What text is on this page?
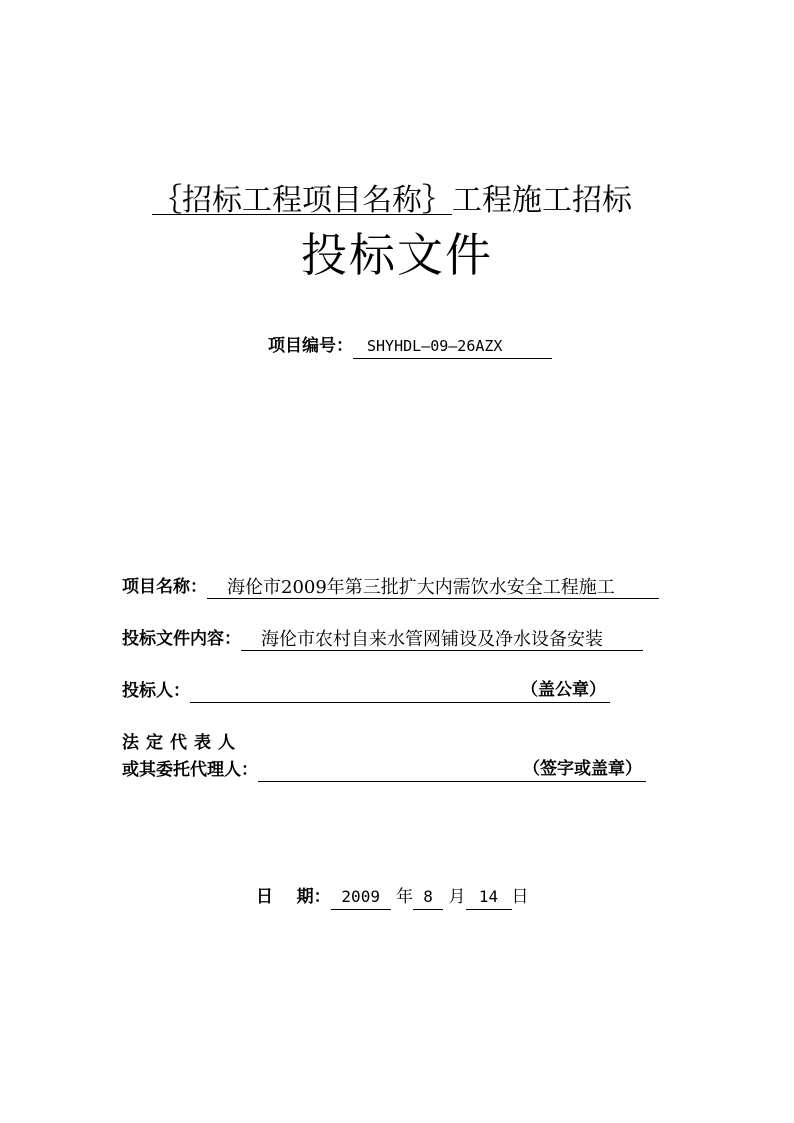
｛招标工程项目名称｝工程施工招标
投标文件
项目编号： SHYHDL—09—26AZX
项目名称： 海伦市2009年第三批扩大内需饮水安全工程施工
投标文件内容： 海伦市农村自来水管网铺设及净水设备安装
投标人：	（盖公章）
法定代表人
或其委托代理人：	（签字或盖章）
日    期： 2009 年 8 月 14 日
